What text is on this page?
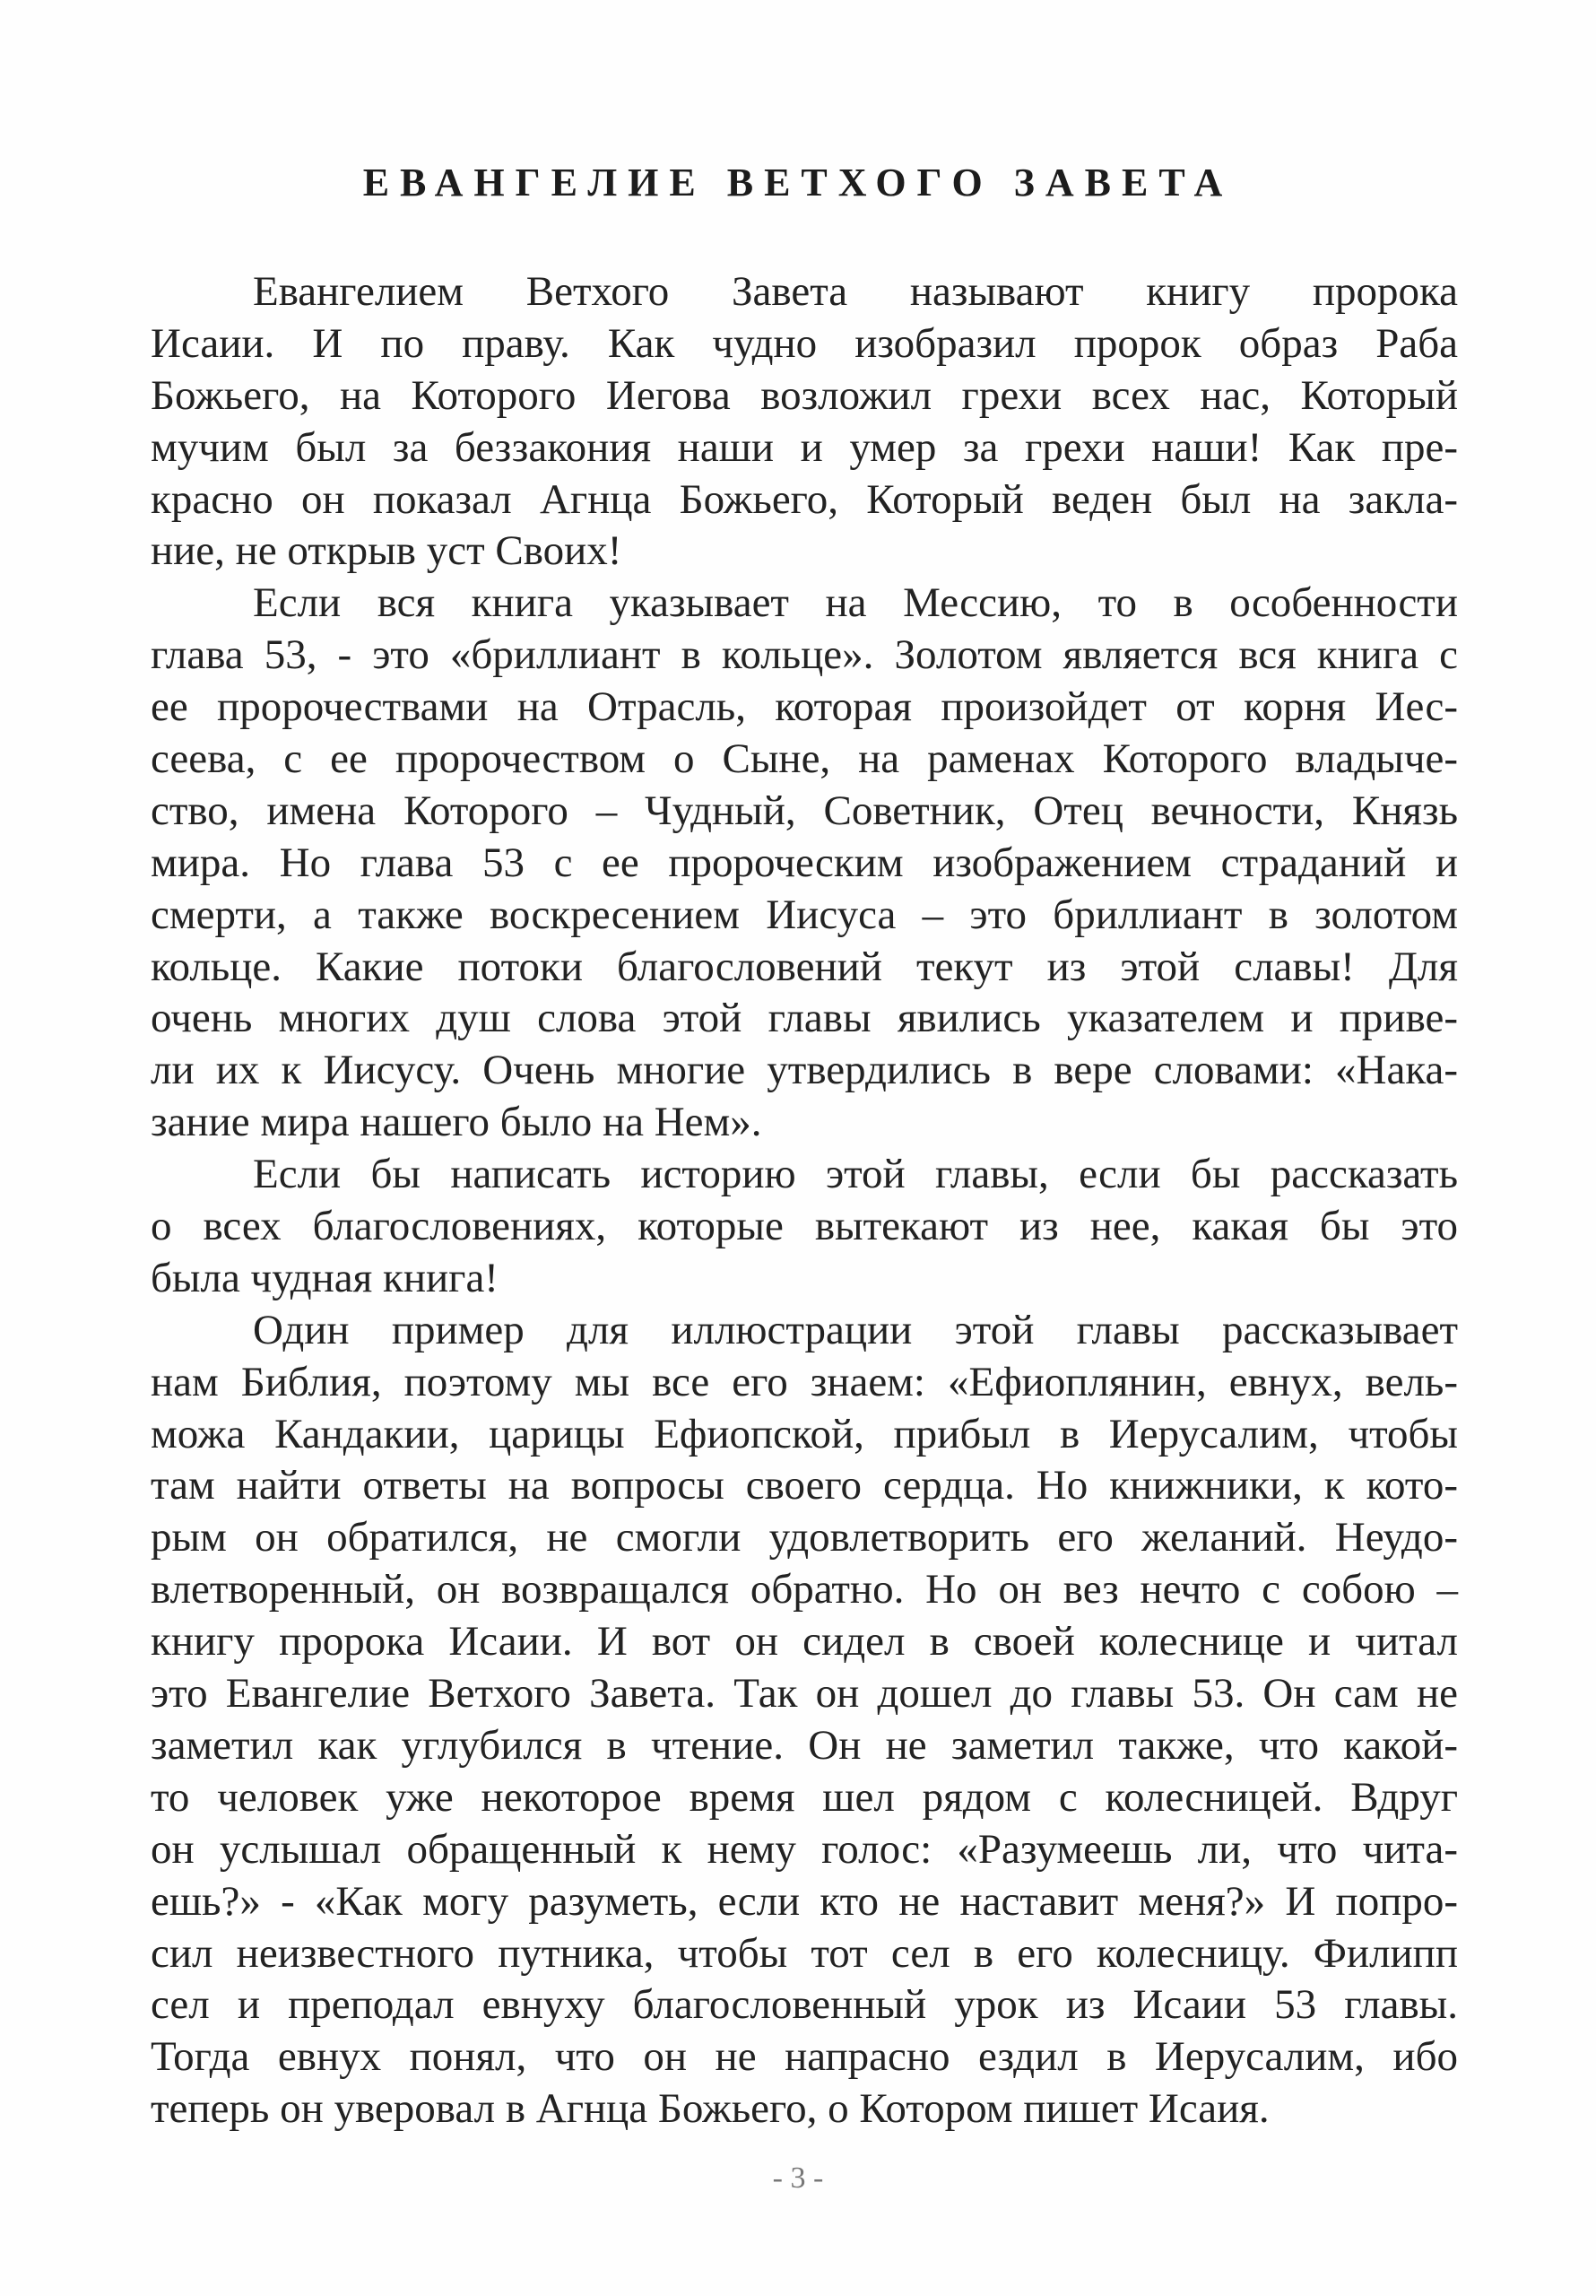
ЕВАНГЕЛИЕ ВЕТХОГО ЗАВЕТА
Евангелием Ветхого Завета называют книгу пророка
Исаии. И по праву. Как чудно изобразил пророк образ Раба
Божьего, на Которого Иегова возложил грехи всех нас, Который
мучим был за беззакония наши и умер за грехи наши! Как пре-
красно он показал Агнца Божьего, Который веден был на закла-
ние, не открыв уст Своих!
Если вся книга указывает на Мессию, то в особенности
глава 53, - это «бриллиант в кольце». Золотом является вся книга с
ее пророчествами на Отрасль, которая произойдет от корня Иес-
сеева, с ее пророчеством о Сыне, на раменах Которого владыче-
ство, имена Которого – Чудный, Советник, Отец вечности, Князь
мира. Но глава 53 с ее пророческим изображением страданий и
смерти, а также воскресением Иисуса – это бриллиант в золотом
кольце. Какие потоки благословений текут из этой славы! Для
очень многих душ слова этой главы явились указателем и приве-
ли их к Иисусу. Очень многие утвердились в вере словами: «Нака-
зание мира нашего было на Нем».
Если бы написать историю этой главы, если бы рассказать
о всех благословениях, которые вытекают из нее, какая бы это
была чудная книга!
Один пример для иллюстрации этой главы рассказывает
нам Библия, поэтому мы все его знаем: «Ефиоплянин, евнух, вель-
можа Кандакии, царицы Ефиопской, прибыл в Иерусалим, чтобы
там найти ответы на вопросы своего сердца. Но книжники, к кото-
рым он обратился, не смогли удовлетворить его желаний. Неудо-
влетворенный, он возвращался обратно. Но он вез нечто с собою –
книгу пророка Исаии. И вот он сидел в своей колеснице и читал
это Евангелие Ветхого Завета. Так он дошел до главы 53. Он сам не
заметил как углубился в чтение. Он не заметил также, что какой-
то человек уже некоторое время шел рядом с колесницей. Вдруг
он услышал обращенный к нему голос: «Разумеешь ли, что чита-
ешь?» - «Как могу разуметь, если кто не наставит меня?» И попро-
сил неизвестного путника, чтобы тот сел в его колесницу. Филипп
сел и преподал евнуху благословенный урок из Исаии 53 главы.
Тогда евнух понял, что он не напрасно ездил в Иерусалим, ибо
теперь он уверовал в Агнца Божьего, о Котором пишет Исаия.
- 3 -
